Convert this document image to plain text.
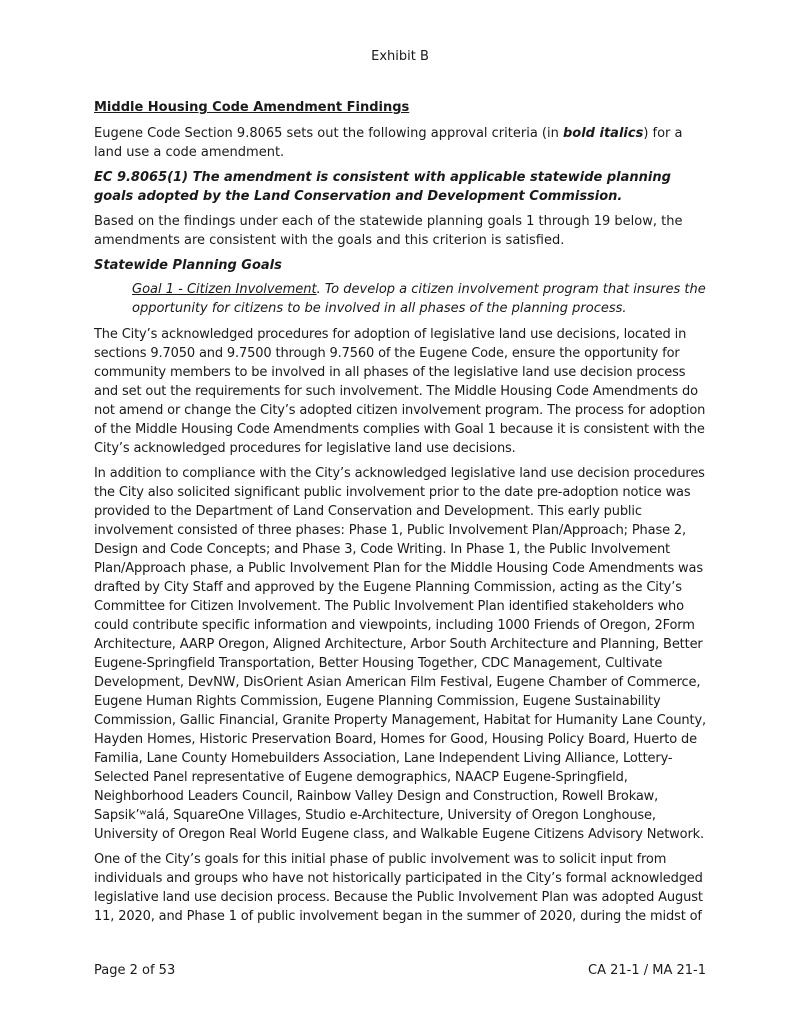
Exhibit B
Middle Housing Code Amendment Findings

Eugene Code Section 9.8065 sets out the following approval criteria (in bold italics) for a land use a code amendment.

EC 9.8065(1) The amendment is consistent with applicable statewide planning goals adopted by the Land Conservation and Development Commission.

Based on the findings under each of the statewide planning goals 1 through 19 below, the amendments are consistent with the goals and this criterion is satisfied.

Statewide Planning Goals
Goal 1 - Citizen Involvement. To develop a citizen involvement program that insures the opportunity for citizens to be involved in all phases of the planning process.

The City’s acknowledged procedures for adoption of legislative land use decisions, located in sections 9.7050 and 9.7500 through 9.7560 of the Eugene Code, ensure the opportunity for community members to be involved in all phases of the legislative land use decision process and set out the requirements for such involvement. The Middle Housing Code Amendments do not amend or change the City’s adopted citizen involvement program. The process for adoption of the Middle Housing Code Amendments complies with Goal 1 because it is consistent with the City’s acknowledged procedures for legislative land use decisions.

In addition to compliance with the City’s acknowledged legislative land use decision procedures the City also solicited significant public involvement prior to the date pre-adoption notice was provided to the Department of Land Conservation and Development. This early public involvement consisted of three phases: Phase 1, Public Involvement Plan/Approach; Phase 2, Design and Code Concepts; and Phase 3, Code Writing. In Phase 1, the Public Involvement Plan/Approach phase, a Public Involvement Plan for the Middle Housing Code Amendments was drafted by City Staff and approved by the Eugene Planning Commission, acting as the City’s Committee for Citizen Involvement. The Public Involvement Plan identified stakeholders who could contribute specific information and viewpoints, including 1000 Friends of Oregon, 2Form Architecture, AARP Oregon, Aligned Architecture, Arbor South Architecture and Planning, Better Eugene-Springfield Transportation, Better Housing Together, CDC Management, Cultivate Development, DevNW, DisOrient Asian American Film Festival, Eugene Chamber of Commerce, Eugene Human Rights Commission, Eugene Planning Commission, Eugene Sustainability Commission, Gallic Financial, Granite Property Management, Habitat for Humanity Lane County, Hayden Homes, Historic Preservation Board, Homes for Good, Housing Policy Board, Huerto de Familia, Lane County Homebuilders Association, Lane Independent Living Alliance, Lottery-Selected Panel representative of Eugene demographics, NAACP Eugene-Springfield, Neighborhood Leaders Council, Rainbow Valley Design and Construction, Rowell Brokaw, Sapsik’ʷalá, SquareOne Villages, Studio e-Architecture, University of Oregon Longhouse, University of Oregon Real World Eugene class, and Walkable Eugene Citizens Advisory Network.

One of the City’s goals for this initial phase of public involvement was to solicit input from individuals and groups who have not historically participated in the City’s formal acknowledged legislative land use decision process. Because the Public Involvement Plan was adopted August 11, 2020, and Phase 1 of public involvement began in the summer of 2020, during the midst of

Page 2 of 53	CA 21-1 / MA 21-1
